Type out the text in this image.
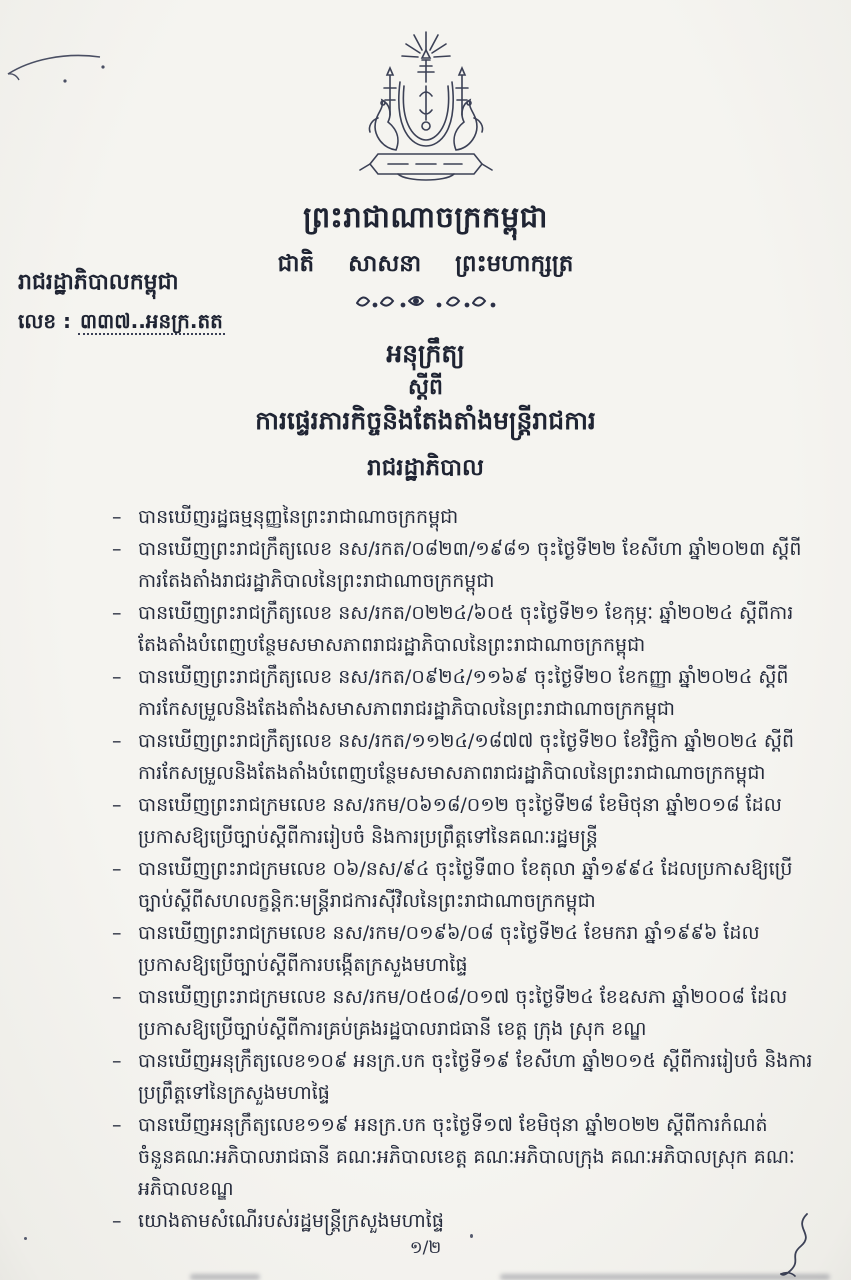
ព្រះរាជាណាចក្រកម្ពុជា
ជាតិ សាសនា ព្រះមហាក្សត្រ
រាជរដ្ឋាភិបាលកម្ពុជា
លេខ : ៣៣៧..អនក្រ.តត
អនុក្រឹត្យ
ស្តីពី
ការផ្ទេរភារកិច្ចនិងតែងតាំងមន្ត្រីរាជការ
រាជរដ្ឋាភិបាល
– បានឃើញរដ្ឋធម្មនុញ្ញនៃព្រះរាជាណាចក្រកម្ពុជា
– បានឃើញព្រះរាជក្រឹត្យលេខ នស/រកត/០៨២៣/១៩៨១ ចុះថ្ងៃទី២២ ខែសីហា ឆ្នាំ២០២៣ ស្តីពីការតែងតាំងរាជរដ្ឋាភិបាលនៃព្រះរាជាណាចក្រកម្ពុជា
– បានឃើញព្រះរាជក្រឹត្យលេខ នស/រកត/០២២៤/៦០៥ ចុះថ្ងៃទី២១ ខែកុម្ភៈ ឆ្នាំ២០២៤ ស្តីពីការតែងតាំងបំពេញបន្ថែមសមាសភាពរាជរដ្ឋាភិបាលនៃព្រះរាជាណាចក្រកម្ពុជា
– បានឃើញព្រះរាជក្រឹត្យលេខ នស/រកត/០៩២៤/១១៦៩ ចុះថ្ងៃទី២០ ខែកញ្ញា ឆ្នាំ២០២៤ ស្តីពីការកែសម្រួលនិងតែងតាំងសមាសភាពរាជរដ្ឋាភិបាលនៃព្រះរាជាណាចក្រកម្ពុជា
– បានឃើញព្រះរាជក្រឹត្យលេខ នស/រកត/១១២៤/១៨៧៧ ចុះថ្ងៃទី២០ ខែវិច្ឆិកា ឆ្នាំ២០២៤ ស្តីពីការកែសម្រួលនិងតែងតាំងបំពេញបន្ថែមសមាសភាពរាជរដ្ឋាភិបាលនៃព្រះរាជាណាចក្រកម្ពុជា
– បានឃើញព្រះរាជក្រមលេខ នស/រកម/០៦១៨/០១២ ចុះថ្ងៃទី២៨ ខែមិថុនា ឆ្នាំ២០១៨ ដែលប្រកាសឱ្យប្រើច្បាប់ស្តីពីការរៀបចំ និងការប្រព្រឹត្តទៅនៃគណៈរដ្ឋមន្ត្រី
– បានឃើញព្រះរាជក្រមលេខ ០៦/នស/៩៤ ចុះថ្ងៃទី៣០ ខែតុលា ឆ្នាំ១៩៩៤ ដែលប្រកាសឱ្យប្រើច្បាប់ស្តីពីសហលក្ខន្តិកៈមន្ត្រីរាជការស៊ីវិលនៃព្រះរាជាណាចក្រកម្ពុជា
– បានឃើញព្រះរាជក្រមលេខ នស/រកម/០១៩៦/០៨ ចុះថ្ងៃទី២៤ ខែមករា ឆ្នាំ១៩៩៦ ដែលប្រកាសឱ្យប្រើច្បាប់ស្តីពីការបង្កើតក្រសួងមហាផ្ទៃ
– បានឃើញព្រះរាជក្រមលេខ នស/រកម/០៥០៨/០១៧ ចុះថ្ងៃទី២៤ ខែឧសភា ឆ្នាំ២០០៨ ដែលប្រកាសឱ្យប្រើច្បាប់ស្តីពីការគ្រប់គ្រងរដ្ឋបាលរាជធានី ខេត្ត ក្រុង ស្រុក ខណ្ឌ
– បានឃើញអនុក្រឹត្យលេខ១០៩ អនក្រ.បក ចុះថ្ងៃទី១៩ ខែសីហា ឆ្នាំ២០១៥ ស្តីពីការរៀបចំ និងការប្រព្រឹត្តទៅនៃក្រសួងមហាផ្ទៃ
– បានឃើញអនុក្រឹត្យលេខ១១៩ អនក្រ.បក ចុះថ្ងៃទី១៧ ខែមិថុនា ឆ្នាំ២០២២ ស្តីពីការកំណត់ចំនួនគណៈអភិបាលរាជធានី គណៈអភិបាលខេត្ត គណៈអភិបាលក្រុង គណៈអភិបាលស្រុក គណៈអភិបាលខណ្ឌ
– យោងតាមសំណើរបស់រដ្ឋមន្ត្រីក្រសួងមហាផ្ទៃ
១/២
